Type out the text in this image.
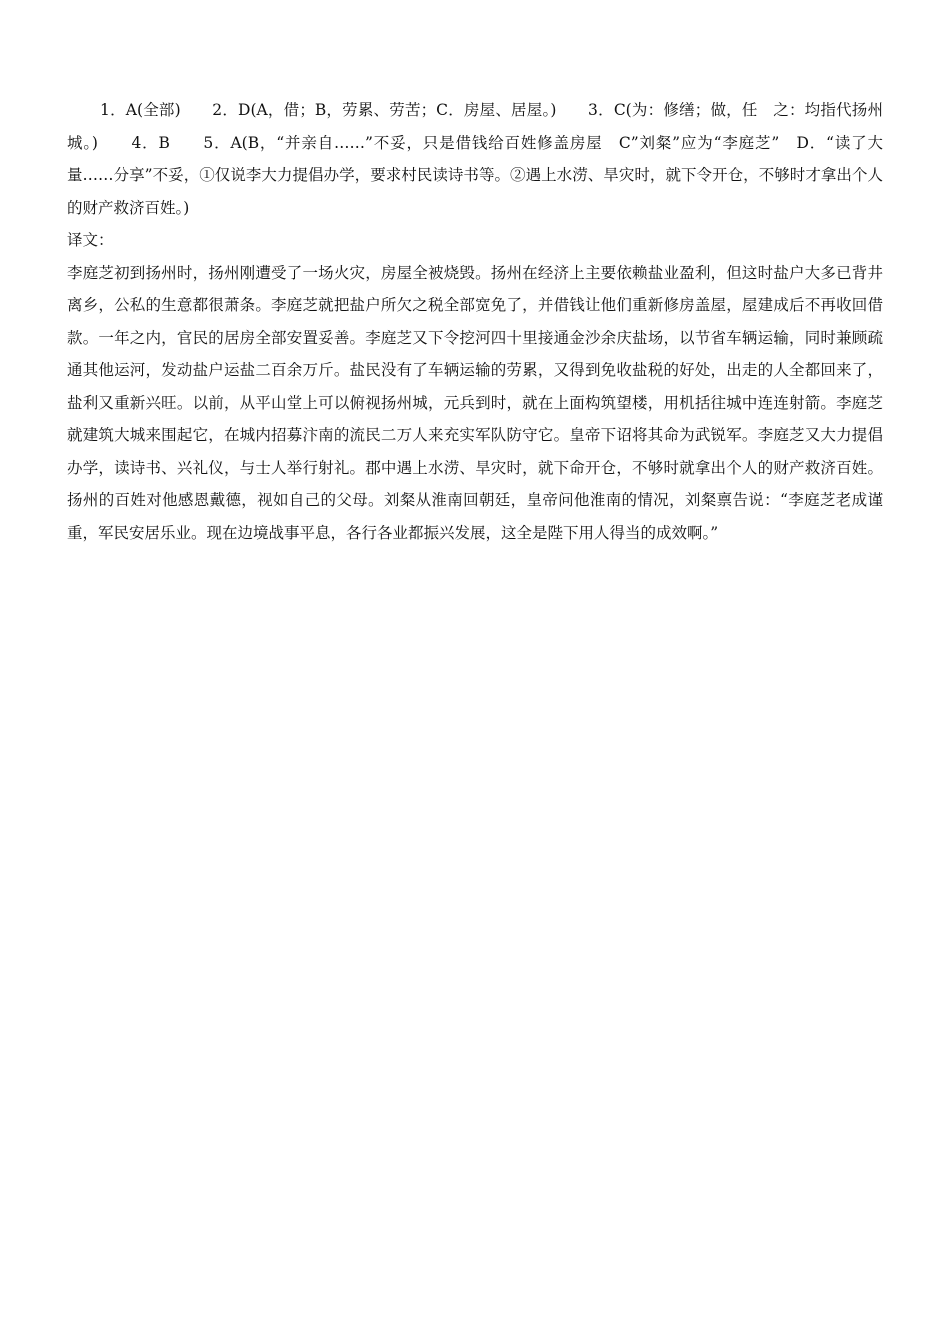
1．A(全部)　　2．D(A，借；B，劳累、劳苦；C．房屋、居屋。)　　3．C(为：修缮；做，任　之：均指代扬州城。)　　4．B　　5．A(B，“并亲自……”不妥，只是借钱给百姓修盖房屋　C”刘粲”应为“李庭芝”　D．“读了大量……分享”不妥，①仅说李大力提倡办学，要求村民读诗书等。②遇上水涝、旱灾时，就下令开仓，不够时才拿出个人的财产救济百姓。)

译文：

李庭芝初到扬州时，扬州刚遭受了一场火灾，房屋全被烧毁。扬州在经济上主要依赖盐业盈利，但这时盐户大多已背井离乡，公私的生意都很萧条。李庭芝就把盐户所欠之税全部宽免了，并借钱让他们重新修房盖屋，屋建成后不再收回借款。一年之内，官民的居房全部安置妥善。李庭芝又下令挖河四十里接通金沙余庆盐场，以节省车辆运输，同时兼顾疏通其他运河，发动盐户运盐二百余万斤。盐民没有了车辆运输的劳累，又得到免收盐税的好处，出走的人全都回来了，盐利又重新兴旺。以前，从平山堂上可以俯视扬州城，元兵到时，就在上面构筑望楼，用机括往城中连连射箭。李庭芝就建筑大城来围起它，在城内招募汴南的流民二万人来充实军队防守它。皇帝下诏将其命为武锐军。李庭芝又大力提倡办学，读诗书、兴礼仪，与士人举行射礼。郡中遇上水涝、旱灾时，就下命开仓，不够时就拿出个人的财产救济百姓。扬州的百姓对他感恩戴德，视如自己的父母。刘粲从淮南回朝廷，皇帝问他淮南的情况，刘粲禀告说：“李庭芝老成谨重，军民安居乐业。现在边境战事平息，各行各业都振兴发展，这全是陛下用人得当的成效啊。”
